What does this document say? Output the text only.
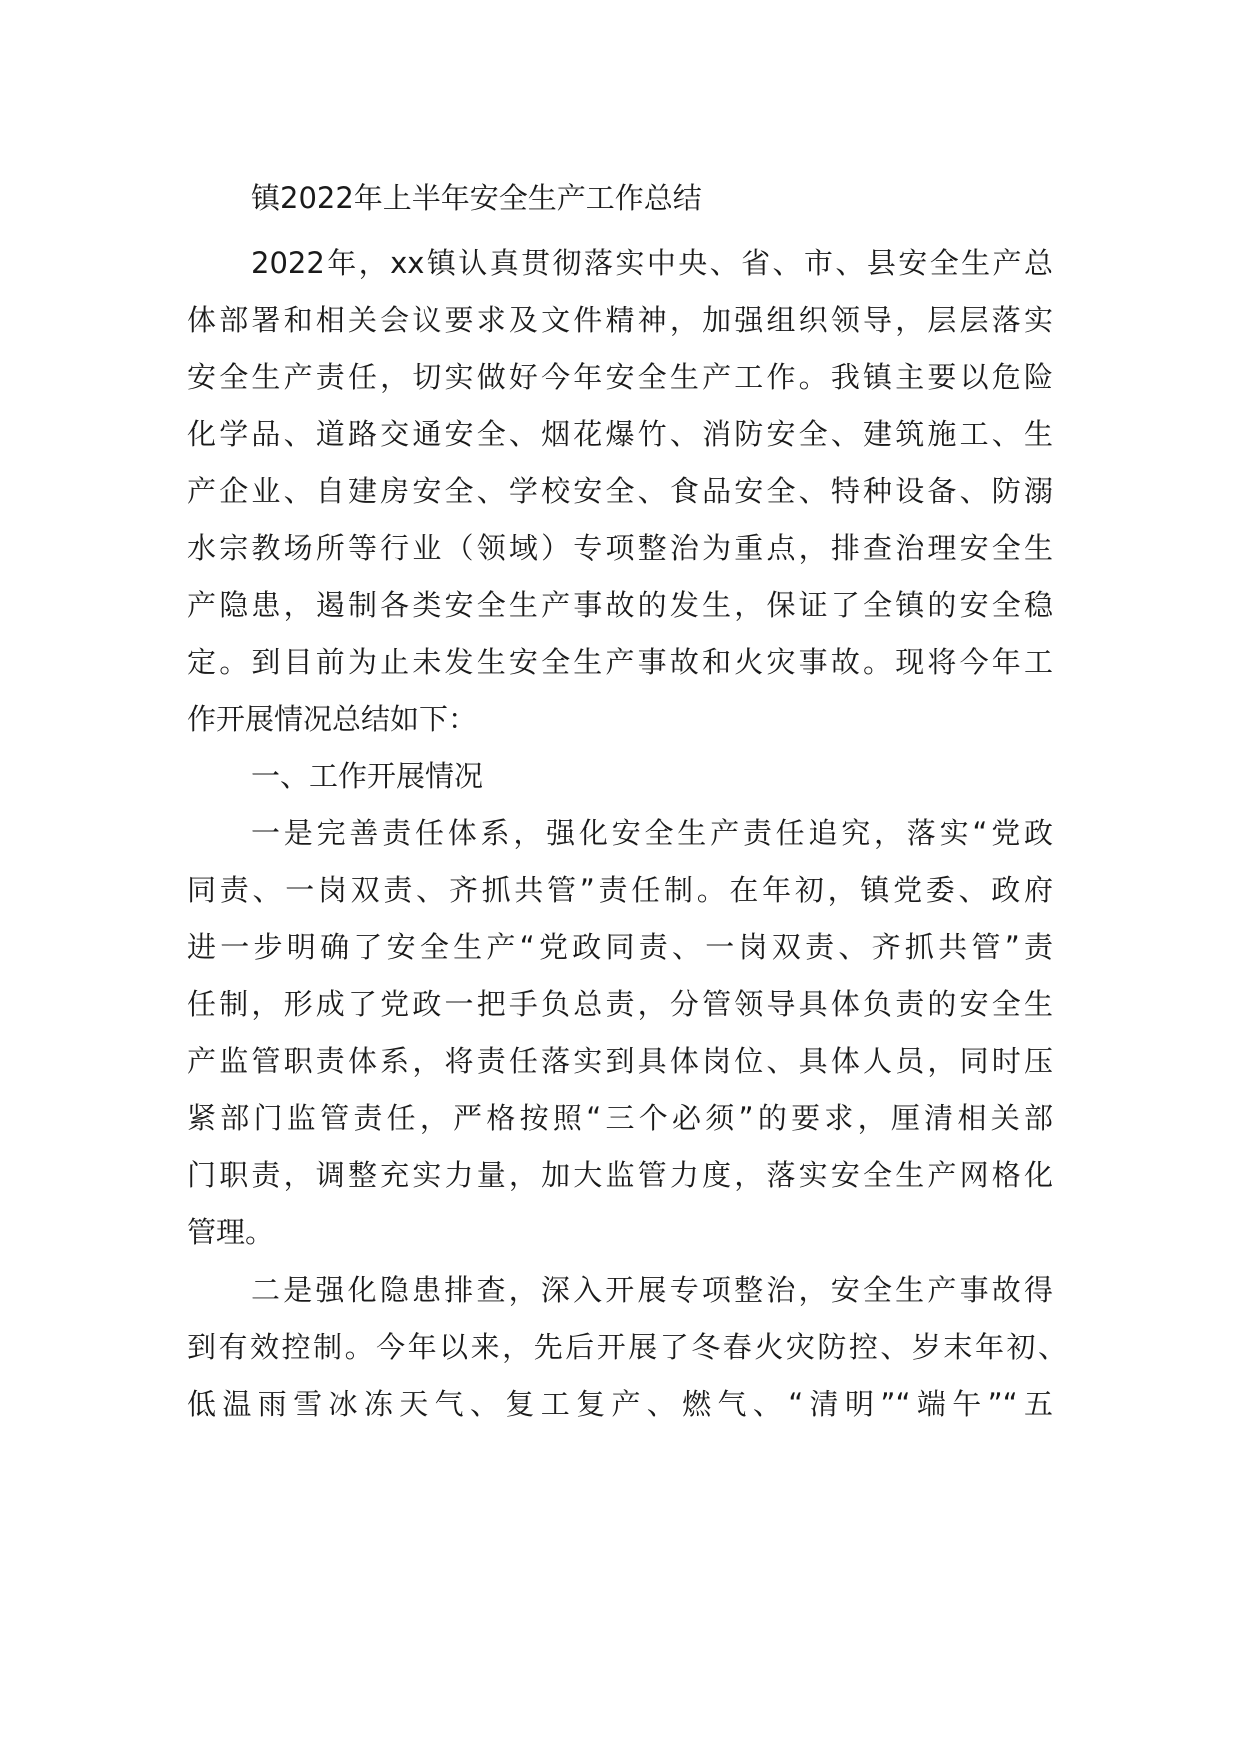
镇2022年上半年安全生产工作总结

2022年，xx镇认真贯彻落实中央、省、市、县安全生产总

体部署和相关会议要求及文件精神，加强组织领导，层层落实

安全生产责任，切实做好今年安全生产工作。我镇主要以危险

化学品、道路交通安全、烟花爆竹、消防安全、建筑施工、生

产企业、自建房安全、学校安全、食品安全、特种设备、防溺

水宗教场所等行业（领域）专项整治为重点，排查治理安全生

产隐患，遏制各类安全生产事故的发生，保证了全镇的安全稳

定。到目前为止未发生安全生产事故和火灾事故。现将今年工

作开展情况总结如下：

一、工作开展情况

一是完善责任体系，强化安全生产责任追究，落实“党政

同责、一岗双责、齐抓共管”责任制。在年初，镇党委、政府

进一步明确了安全生产“党政同责、一岗双责、齐抓共管”责

任制，形成了党政一把手负总责，分管领导具体负责的安全生

产监管职责体系，将责任落实到具体岗位、具体人员，同时压

紧部门监管责任，严格按照“三个必须”的要求，厘清相关部

门职责，调整充实力量，加大监管力度，落实安全生产网格化

管理。

二是强化隐患排查，深入开展专项整治，安全生产事故得

到有效控制。今年以来，先后开展了冬春火灾防控、岁末年初、

低温雨雪冰冻天气、复工复产、燃气、“清明”“端午”“五
